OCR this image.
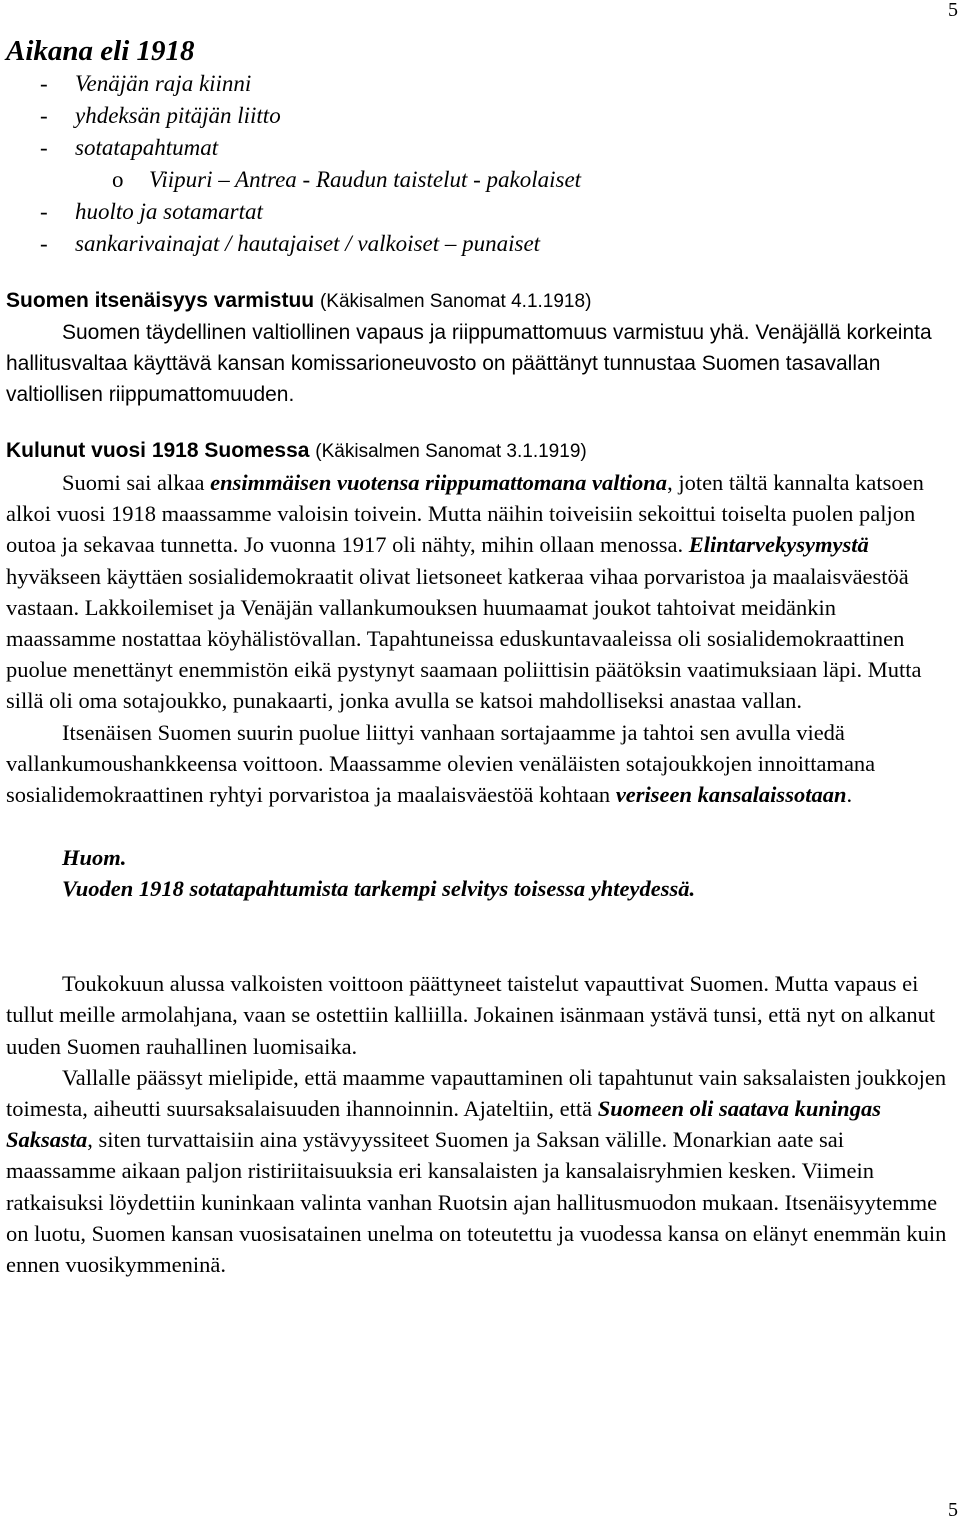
5
Aikana eli 1918
- Venäjän raja kiinni
- yhdeksän pitäjän liitto
- sotatapahtumat
o Viipuri – Antrea - Raudun taistelut - pakolaiset
- huolto ja sotamartat
- sankarivainajat / hautajaiset / valkoiset – punaiset

Suomen itsenäisyys varmistuu (Käkisalmen Sanomat 4.1.1918)

Suomen täydellinen valtiollinen vapaus ja riippumattomuus varmistuu yhä. Venäjällä korkeinta hallitusvaltaa käyttävä kansan komissarioneuvosto on päättänyt tunnustaa Suomen tasavallan valtiollisen riippumattomuuden.

Kulunut vuosi 1918 Suomessa (Käkisalmen Sanomat 3.1.1919)

Suomi sai alkaa ensimmäisen vuotensa riippumattomana valtiona, joten tältä kannalta katsoen alkoi vuosi 1918 maassamme valoisin toivein. Mutta näihin toiveisiin sekoittui toiselta puolen paljon outoa ja sekavaa tunnetta. Jo vuonna 1917 oli nähty, mihin ollaan menossa. Elintarvekysymystä hyväkseen käyttäen sosialidemokraatit olivat lietsoneet katkeraa vihaa porvaristoa ja maalaisväestöä vastaan. Lakkoilemiset ja Venäjän vallankumouksen huumaamat joukot tahtoivat meidänkin maassamme nostattaa köyhälistövallan. Tapahtuneissa eduskuntavaaleissa oli sosialidemokraattinen puolue menettänyt enemmistön eikä pystynyt saamaan poliittisin päätöksin vaatimuksiaan läpi. Mutta sillä oli oma sotajoukko, punakaarti, jonka avulla se katsoi mahdolliseksi anastaa vallan.

Itsenäisen Suomen suurin puolue liittyi vanhaan sortajaamme ja tahtoi sen avulla viedä vallankumoushankkeensa voittoon. Maassamme olevien venäläisten sotajoukkojen innoittamana sosialidemokraattinen ryhtyi porvaristoa ja maalaisväestöä kohtaan veriseen kansalaissotaan.

Huom.

Vuoden 1918 sotatapahtumista tarkempi selvitys toisessa yhteydessä.

Toukokuun alussa valkoisten voittoon päättyneet taistelut vapauttivat Suomen. Mutta vapaus ei tullut meille armolahjana, vaan se ostettiin kalliilla. Jokainen isänmaan ystävä tunsi, että nyt on alkanut uuden Suomen rauhallinen luomisaika.

Vallalle päässyt mielipide, että maamme vapauttaminen oli tapahtunut vain saksalaisten joukkojen toimesta, aiheutti suursaksalaisuuden ihannoinnin. Ajateltiin, että Suomeen oli saatava kuningas Saksasta, siten turvattaisiin aina ystävyyssiteet Suomen ja Saksan välille. Monarkian aate sai maassamme aikaan paljon ristiriitaisuuksia eri kansalaisten ja kansalaisryhmien kesken. Viimein ratkaisuksi löydettiin kuninkaan valinta vanhan Ruotsin ajan hallitusmuodon mukaan. Itsenäisyytemme on luotu, Suomen kansan vuosisatainen unelma on toteutettu ja vuodessa kansa on elänyt enemmän kuin ennen vuosikymmeninä.

5
